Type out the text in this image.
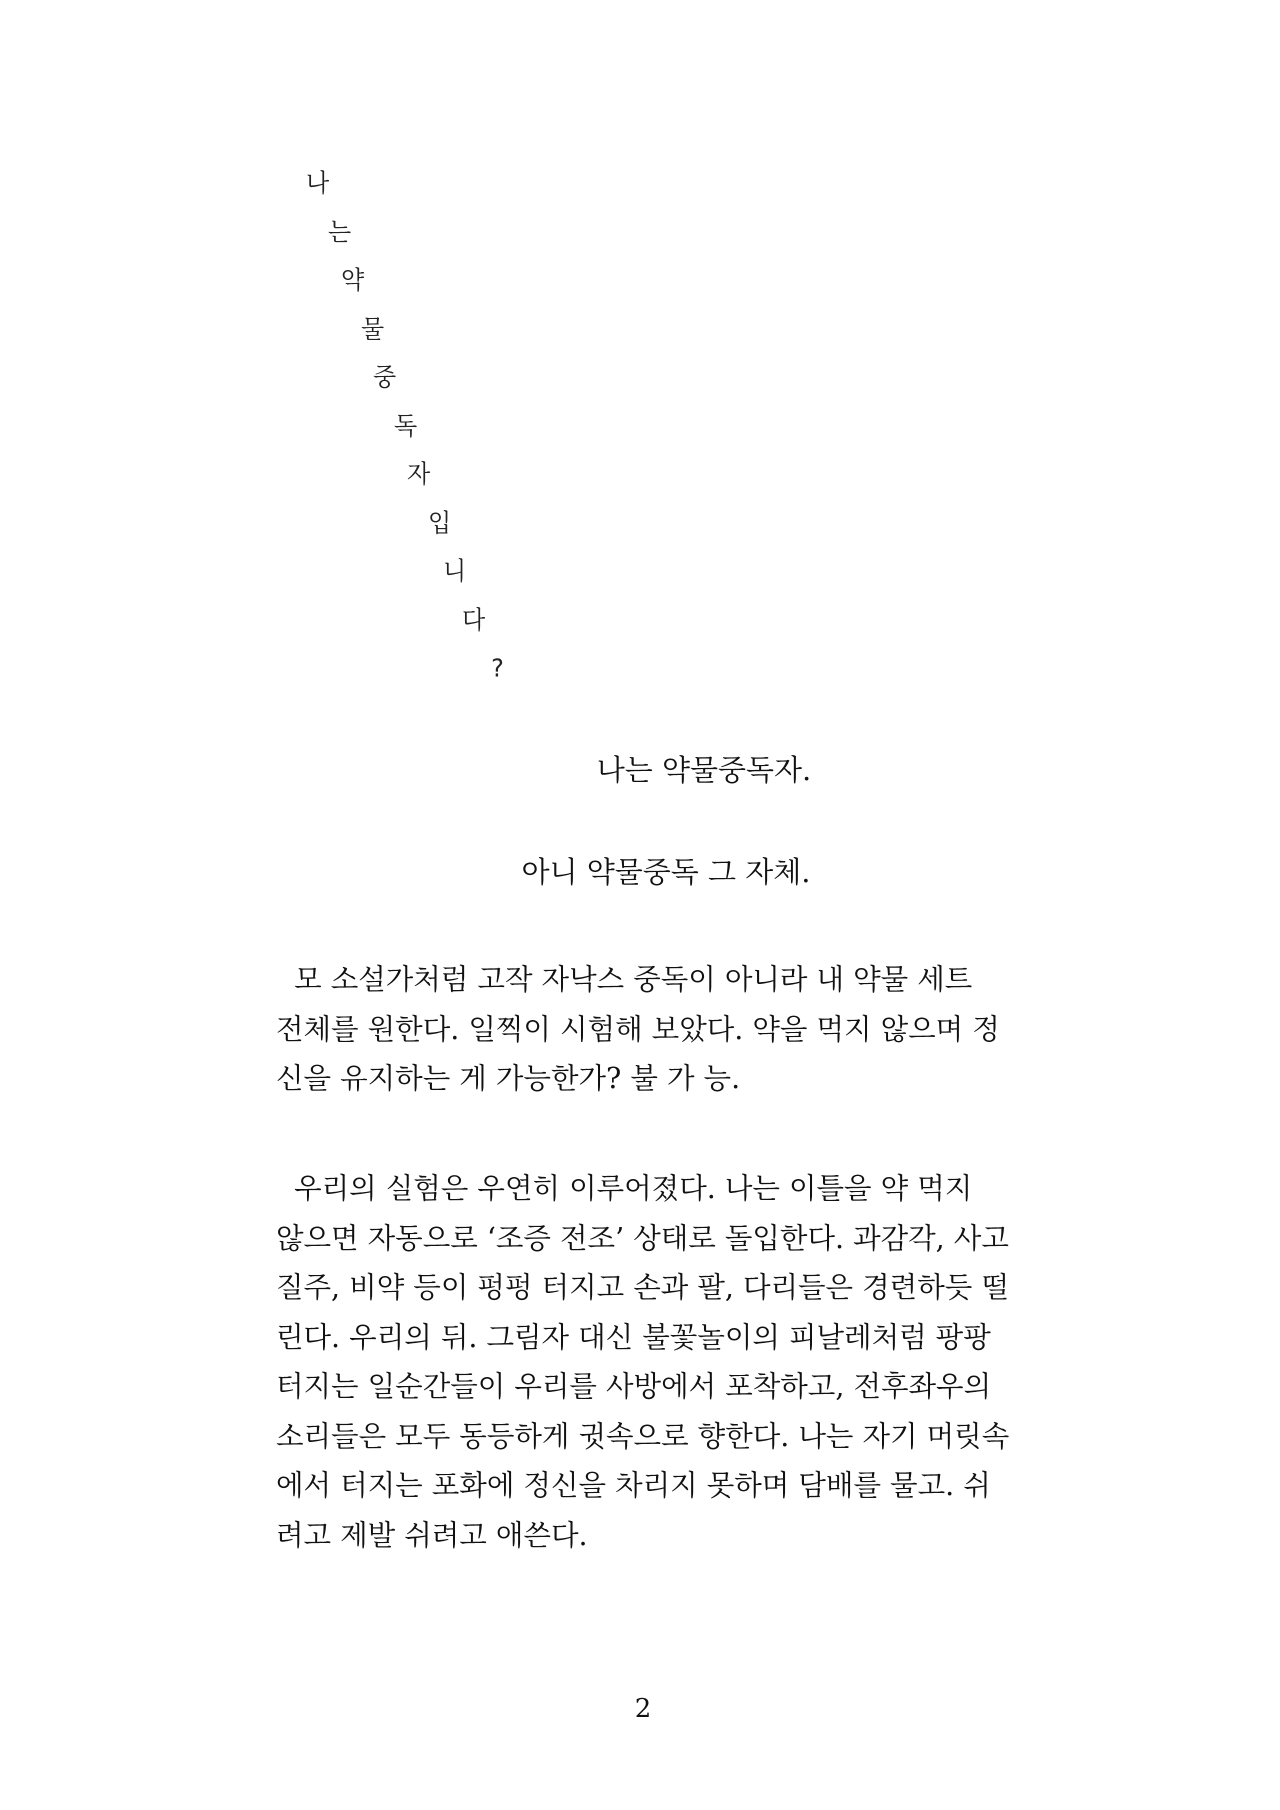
나
는
약
물
중
독
자
입
니
다
?
나는 약물중독자.
아니 약물중독 그 자체.
모 소설가처럼 고작 자낙스 중독이 아니라 내 약물 세트
전체를 원한다. 일찍이 시험해 보았다. 약을 먹지 않으며 정
신을 유지하는 게 가능한가? 불 가 능.
우리의 실험은 우연히 이루어졌다. 나는 이틀을 약 먹지
않으면 자동으로 ‘조증 전조’ 상태로 돌입한다. 과감각, 사고
질주, 비약 등이 펑펑 터지고 손과 팔, 다리들은 경련하듯 떨
린다. 우리의 뒤. 그림자 대신 불꽃놀이의 피날레처럼 팡팡
터지는 일순간들이 우리를 사방에서 포착하고, 전후좌우의
소리들은 모두 동등하게 귓속으로 향한다. 나는 자기 머릿속
에서 터지는 포화에 정신을 차리지 못하며 담배를 물고. 쉬
려고 제발 쉬려고 애쓴다.
2
